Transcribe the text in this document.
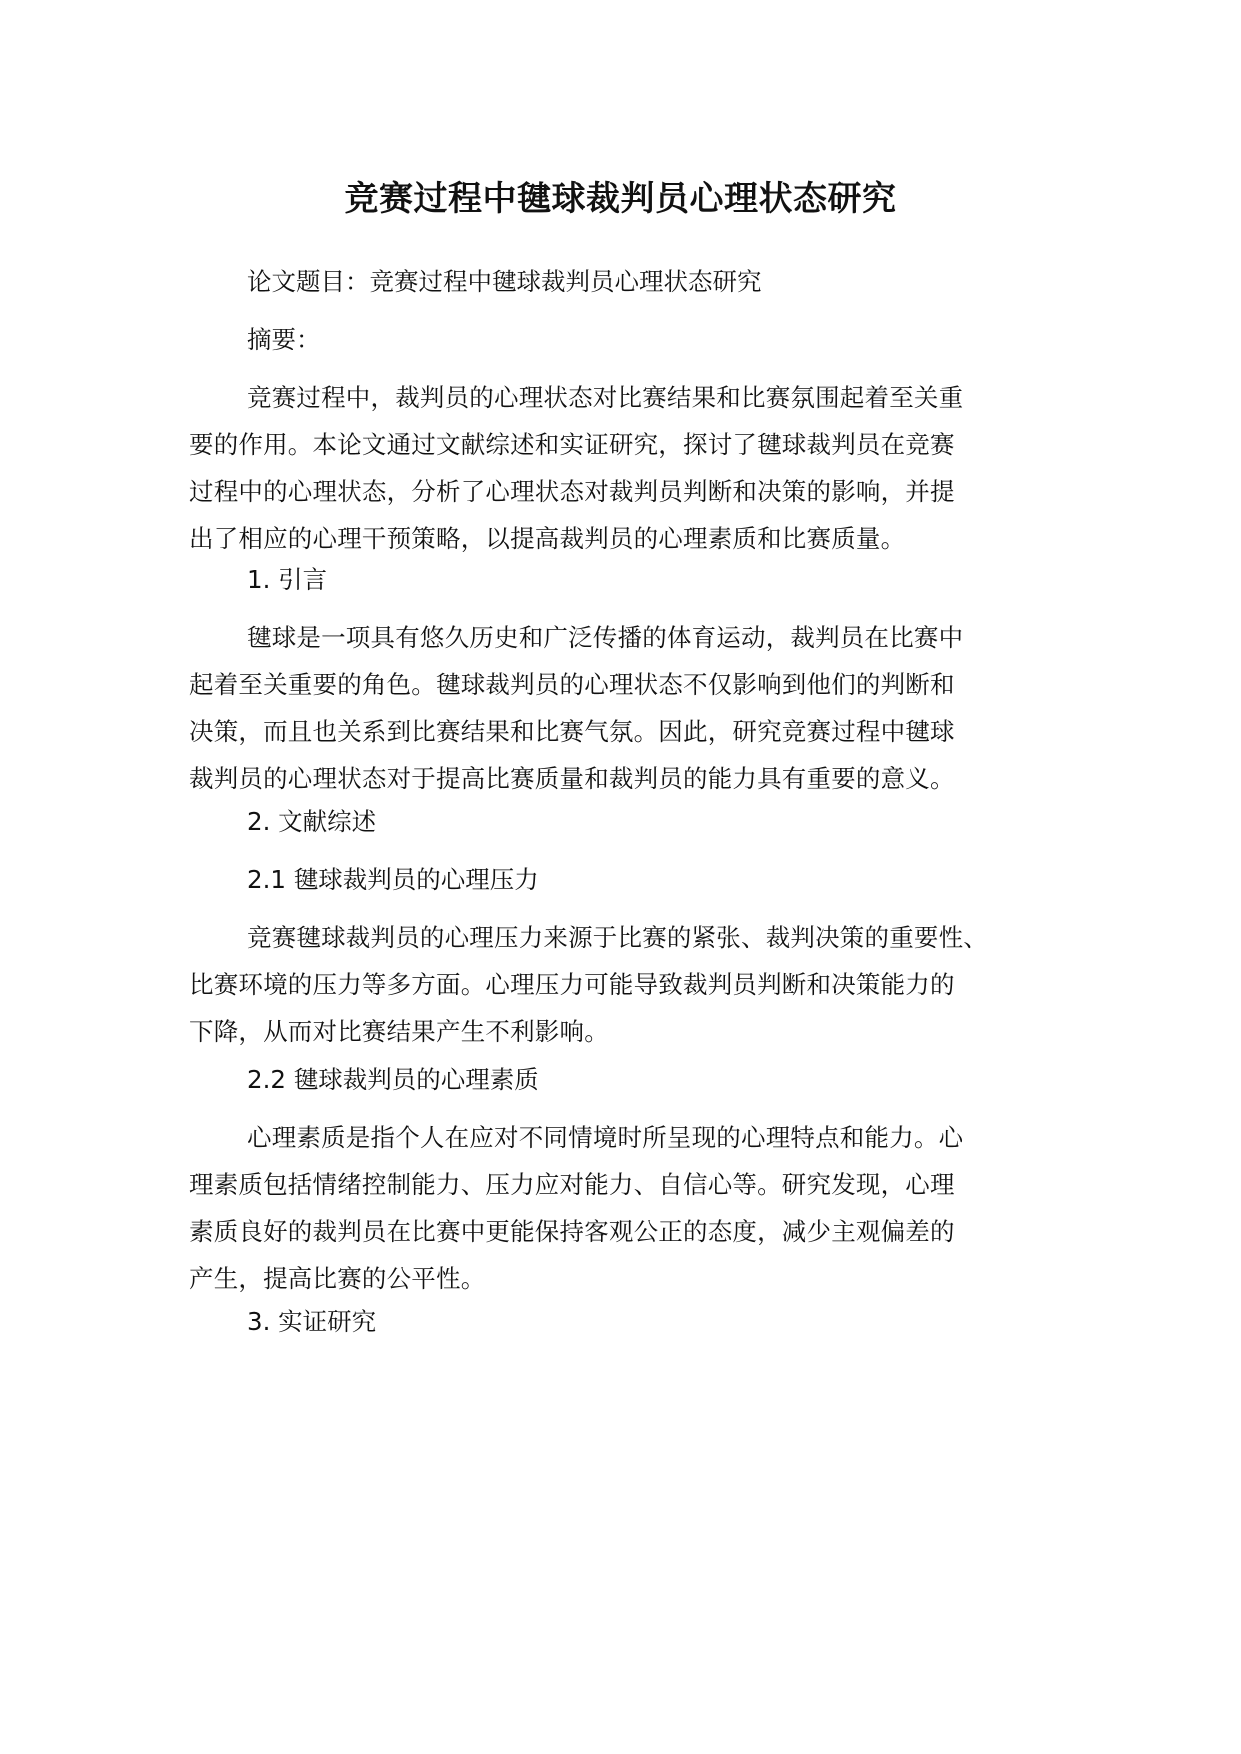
竞赛过程中毽球裁判员心理状态研究
论文题目：竞赛过程中毽球裁判员心理状态研究
摘要：
竞赛过程中，裁判员的心理状态对比赛结果和比赛氛围起着至关重
要的作用。本论文通过文献综述和实证研究，探讨了毽球裁判员在竞赛
过程中的心理状态，分析了心理状态对裁判员判断和决策的影响，并提
出了相应的心理干预策略，以提高裁判员的心理素质和比赛质量。
1. 引言
毽球是一项具有悠久历史和广泛传播的体育运动，裁判员在比赛中
起着至关重要的角色。毽球裁判员的心理状态不仅影响到他们的判断和
决策，而且也关系到比赛结果和比赛气氛。因此，研究竞赛过程中毽球
裁判员的心理状态对于提高比赛质量和裁判员的能力具有重要的意义。
2. 文献综述
2.1 毽球裁判员的心理压力
竞赛毽球裁判员的心理压力来源于比赛的紧张、裁判决策的重要性、
比赛环境的压力等多方面。心理压力可能导致裁判员判断和决策能力的
下降，从而对比赛结果产生不利影响。
2.2 毽球裁判员的心理素质
心理素质是指个人在应对不同情境时所呈现的心理特点和能力。心
理素质包括情绪控制能力、压力应对能力、自信心等。研究发现，心理
素质良好的裁判员在比赛中更能保持客观公正的态度，减少主观偏差的
产生，提高比赛的公平性。
3. 实证研究
